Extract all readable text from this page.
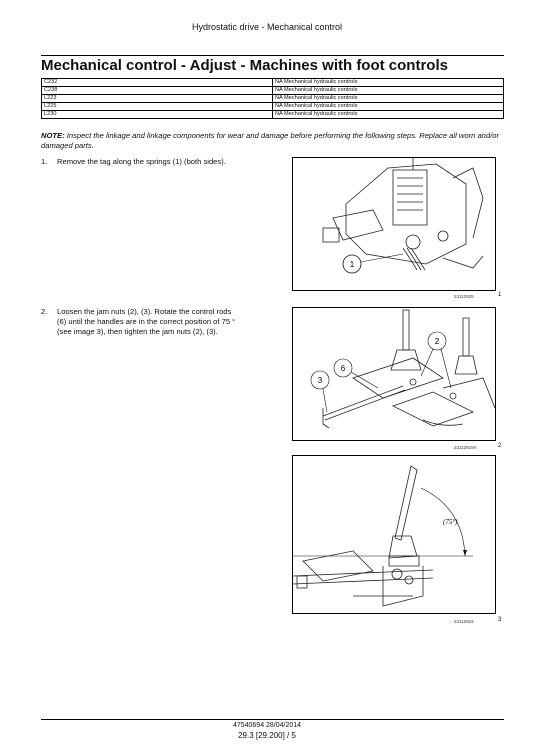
Hydrostatic drive - Mechanical control
Mechanical control - Adjust - Machines with foot controls
C232	NA Mechanical hydraulic controls
C238	NA Mechanical hydraulic controls
L223	NA Mechanical hydraulic controls
L225	NA Mechanical hydraulic controls
L230	NA Mechanical hydraulic controls
NOTE: Inspect the linkage and linkage components for wear and damage before performing the following steps. Replace all worn and/or damaged parts.
1. Remove the tag along the springs (1) (both sides).
2. Loosen the jam nuts (2), (3). Rotate the control rods
(6) until the handles are in the correct position of 75 °
(see image 3), then tighten the jam nuts (2), (3).
1
23112925	1
6
2
3
23112919A	2
(75°)
23112922	3
47540694 28/04/2014
29.3 [29.200] / 5
